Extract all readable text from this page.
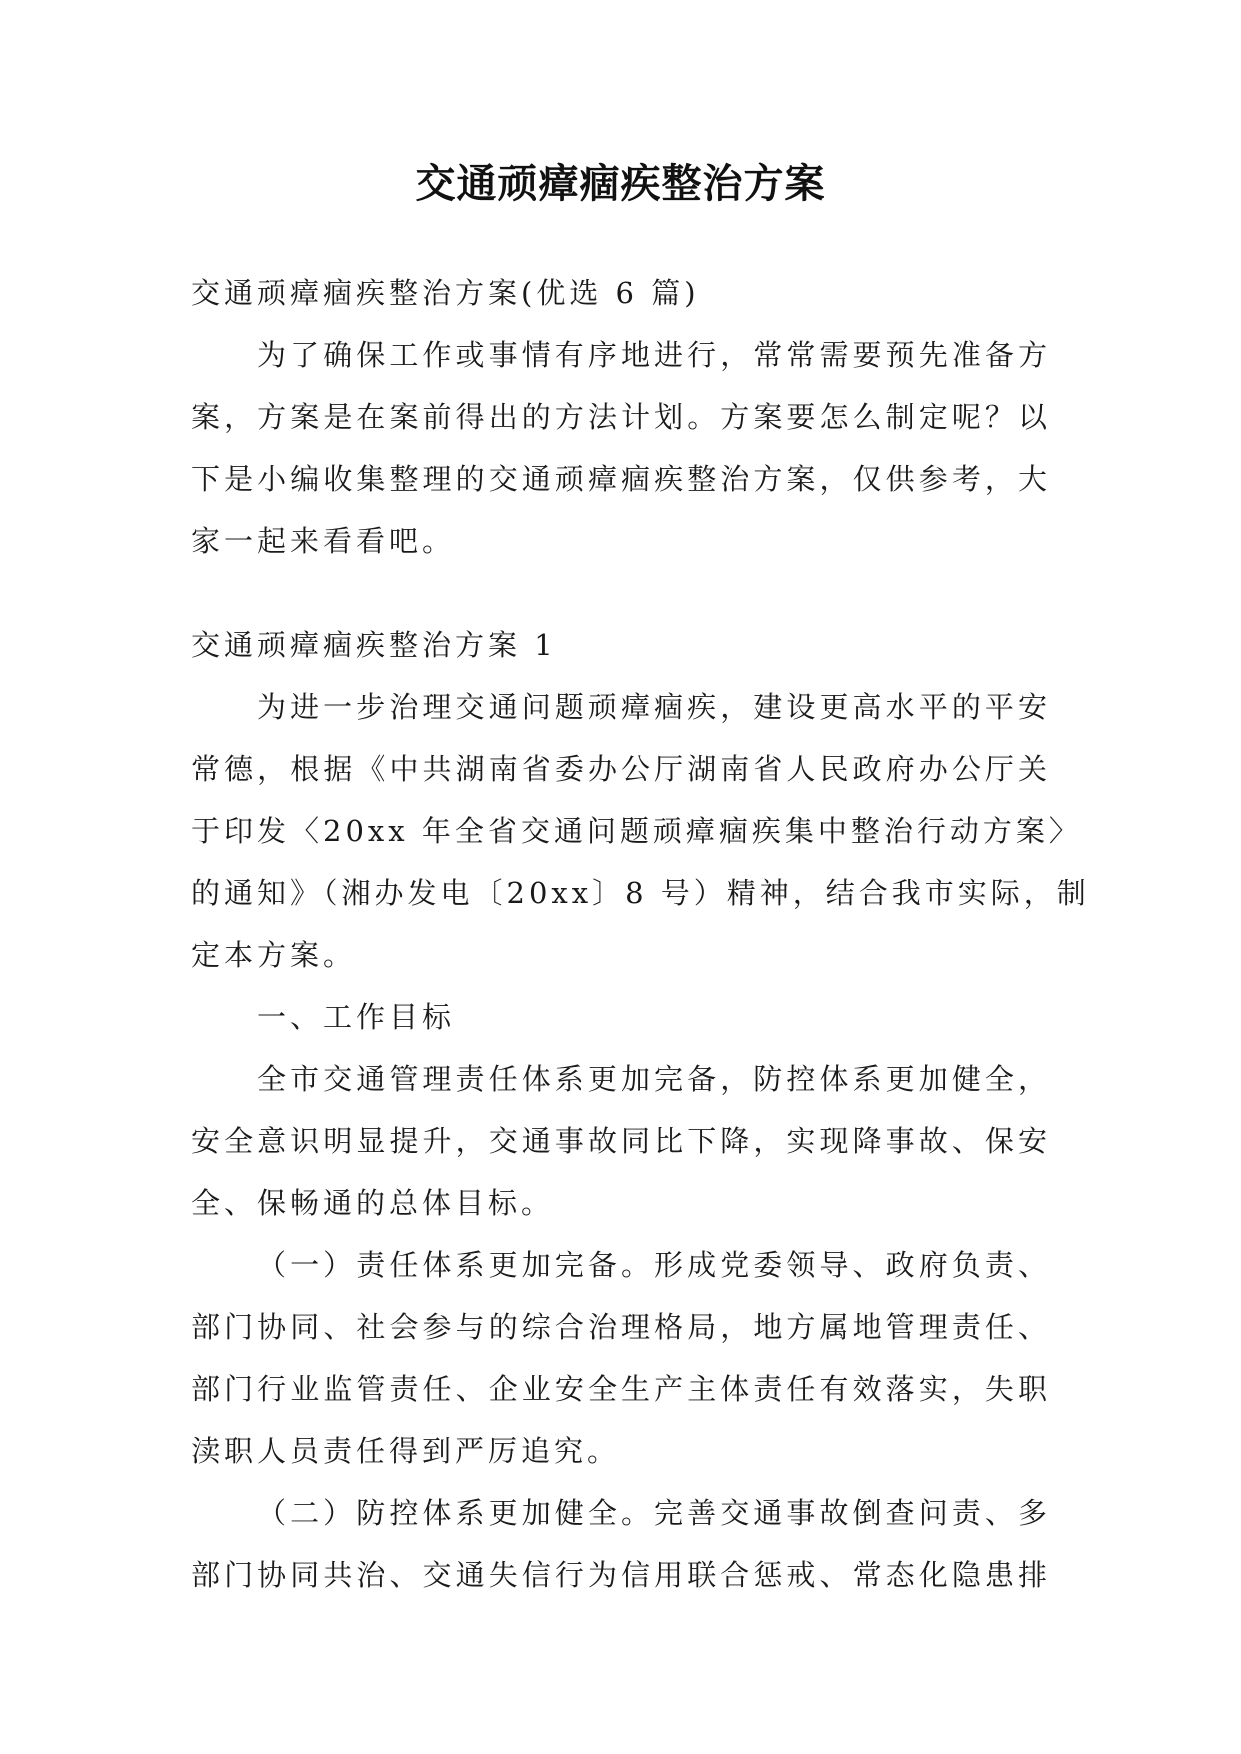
交通顽瘴痼疾整治方案
交通顽瘴痼疾整治方案(优选 6 篇)
为了确保工作或事情有序地进行，常常需要预先准备方
案，方案是在案前得出的方法计划。方案要怎么制定呢？以
下是小编收集整理的交通顽瘴痼疾整治方案，仅供参考，大
家一起来看看吧。
交通顽瘴痼疾整治方案 1
为进一步治理交通问题顽瘴痼疾，建设更高水平的平安
常德，根据《中共湖南省委办公厅湖南省人民政府办公厅关
于印发〈20xx 年全省交通问题顽瘴痼疾集中整治行动方案〉
的通知》（湘办发电〔20xx〕8 号）精神，结合我市实际，制
定本方案。
一、工作目标
全市交通管理责任体系更加完备，防控体系更加健全，
安全意识明显提升，交通事故同比下降，实现降事故、保安
全、保畅通的总体目标。
（一）责任体系更加完备。形成党委领导、政府负责、
部门协同、社会参与的综合治理格局，地方属地管理责任、
部门行业监管责任、企业安全生产主体责任有效落实，失职
渎职人员责任得到严厉追究。
（二）防控体系更加健全。完善交通事故倒查问责、多
部门协同共治、交通失信行为信用联合惩戒、常态化隐患排
